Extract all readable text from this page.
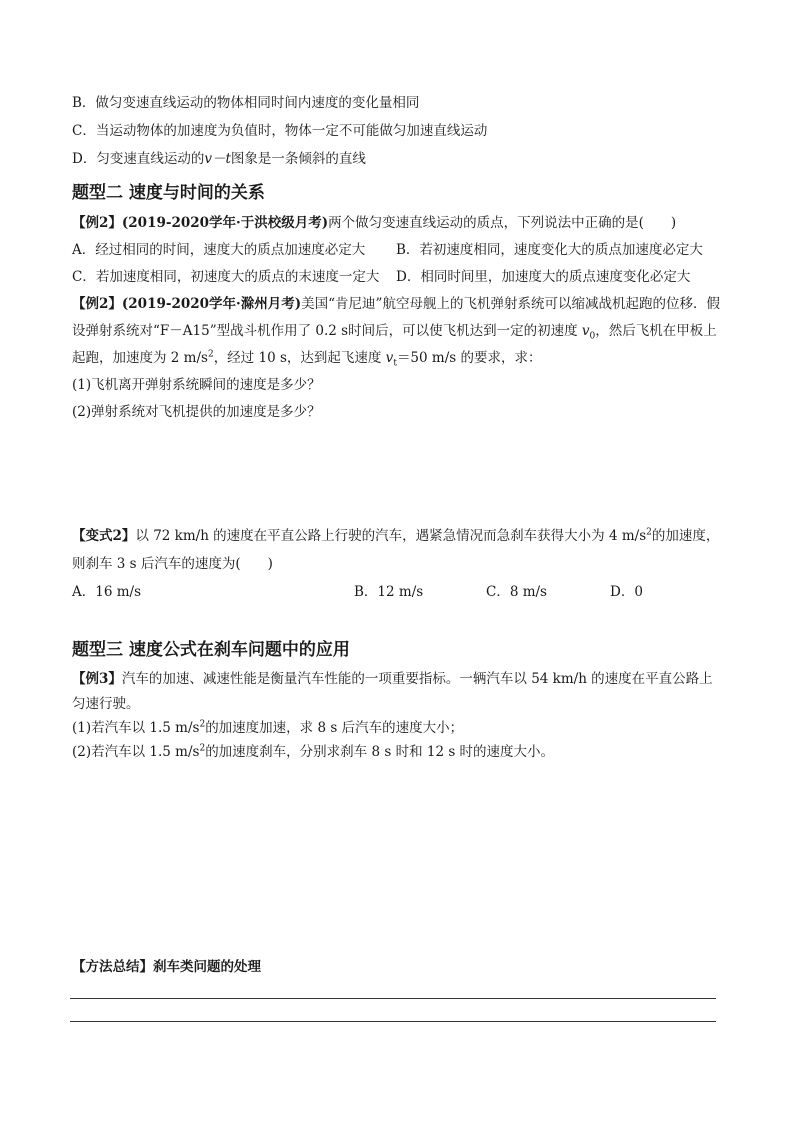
B．做匀变速直线运动的物体相同时间内速度的变化量相同
C．当运动物体的加速度为负值时，物体一定不可能做匀加速直线运动
D．匀变速直线运动的v－t图象是一条倾斜的直线
题型二 速度与时间的关系
【例2】(2019-2020学年·于洪校级月考)两个做匀变速直线运动的质点，下列说法中正确的是(　　)
A．经过相同的时间，速度大的质点加速度必定大 B．若初速度相同，速度变化大的质点加速度必定大
C．若加速度相同，初速度大的质点的末速度一定大 D．相同时间里，加速度大的质点速度变化必定大
【例2】(2019-2020学年·滁州月考)美国“肯尼迪”航空母舰上的飞机弹射系统可以缩减战机起跑的位移．假
设弹射系统对“F－A15”型战斗机作用了 0.2 s时间后，可以使飞机达到一定的初速度 $v_0$，然后飞机在甲板上
起跑，加速度为 2 $m/s^2$，经过 10 s，达到起飞速度 $v_t=50$ m/s 的要求，求：
(1)飞机离开弹射系统瞬间的速度是多少？
(2)弹射系统对飞机提供的加速度是多少？
【变式2】以 72 km/h 的速度在平直公路上行驶的汽车，遇紧急情况而急刹车获得大小为 4 $m/s^2$的加速度，
则刹车 3 s 后汽车的速度为(　　)
A．16 m/s	B．12 m/s	C．8 m/s	D．0
题型三 速度公式在刹车问题中的应用
【例3】汽车的加速、减速性能是衡量汽车性能的一项重要指标。一辆汽车以 54 km/h 的速度在平直公路上
匀速行驶。
(1)若汽车以 1.5 $m/s^2$的加速度加速，求 8 s 后汽车的速度大小；
(2)若汽车以 1.5 $m/s^2$的加速度刹车，分别求刹车 8 s 时和 12 s 时的速度大小。
【方法总结】刹车类问题的处理
